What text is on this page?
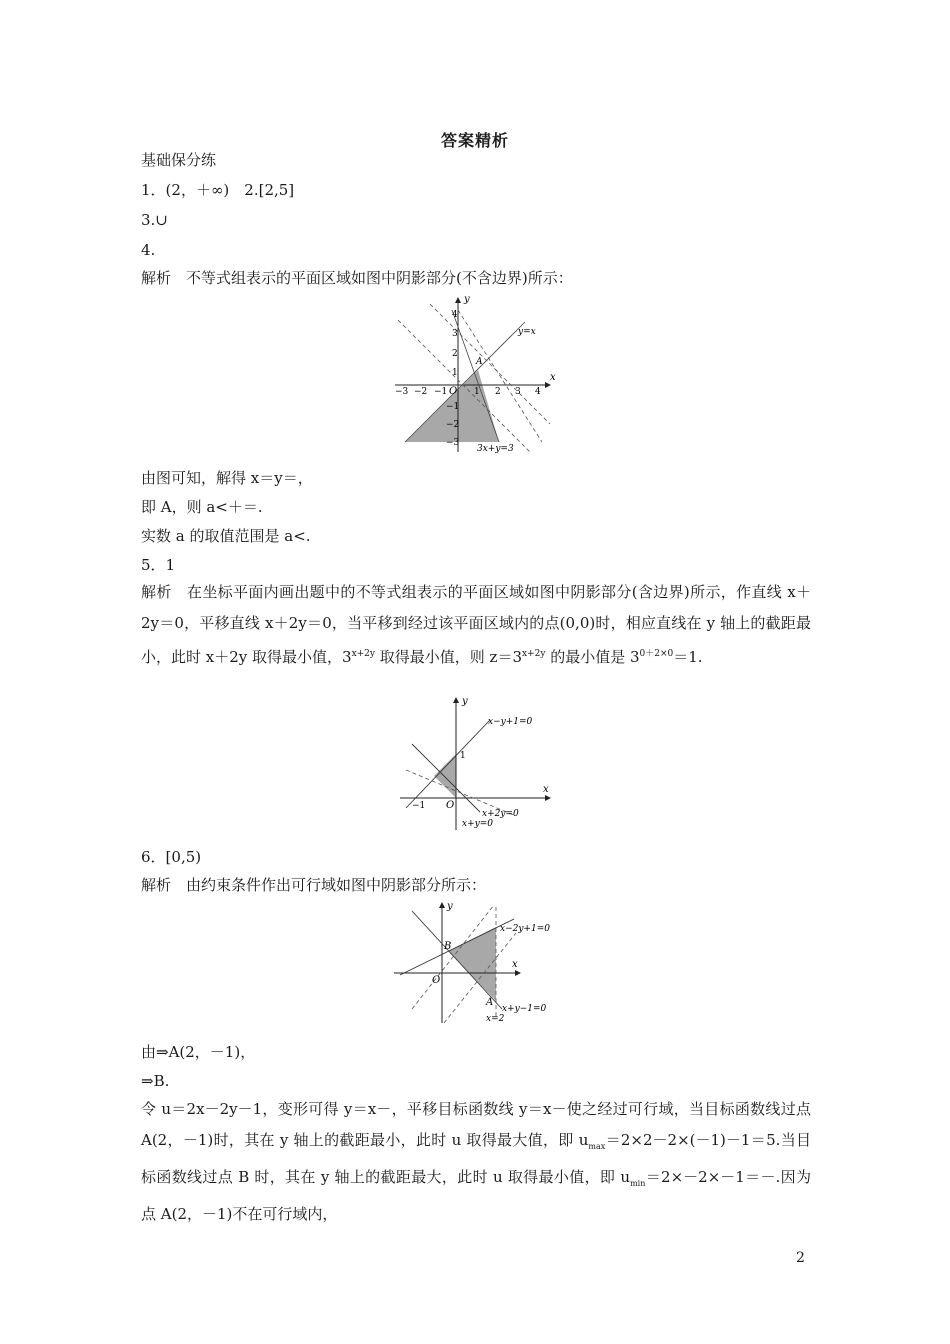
答案精析
基础保分练
1．(2，＋∞)　2.[2,5]
3.∪
4.
解析　不等式组表示的平面区域如图中阴影部分(不含边界)所示：
x
y
O
−3 −2 −1	1 2 3 4
4
3
2
1
−1
−2
−3
y=x
3x+y=3
A
由图可知，解得 x＝y＝，
即 A，则 a<＋＝.
实数 a 的取值范围是 a<.
5．1
解析　在坐标平面内画出题中的不等式组表示的平面区域如图中阴影部分(含边界)所示，作直线 x＋2y＝0，平移直线 x＋2y＝0，当平移到经过该平面区域内的点(0,0)时，相应直线在 y 轴上的截距最小，此时 x＋2y 取得最小值，$3^{x+2y}$ 取得最小值，则 $z=3^{x+2y}$ 的最小值是 $3^{0+2\times 0}=1$.
x
y
O
−1
1
x−y+1=0
x+2y=0
x+y=0
6．[0,5)
解析　由约束条件作出可行域如图中阴影部分所示：
x
y
O
x−2y+1=0
x+y−1=0
x=2
A
B
由⇒A(2，－1)，
⇒B.
令 u＝2x－2y－1，变形可得 y＝x－，平移目标函数线 y＝x－使之经过可行域，当目标函数线过点 A(2，－1)时，其在 y 轴上的截距最小，此时 u 取得最大值，即 $u_{max}=2\times 2-2\times(-1)-1=5$.当目标函数线过点 B 时，其在 y 轴上的截距最大，此时 u 取得最小值，即 $u_{min}=2\times-2\times-1=-$.因为点 A(2，－1)不在可行域内，
2
